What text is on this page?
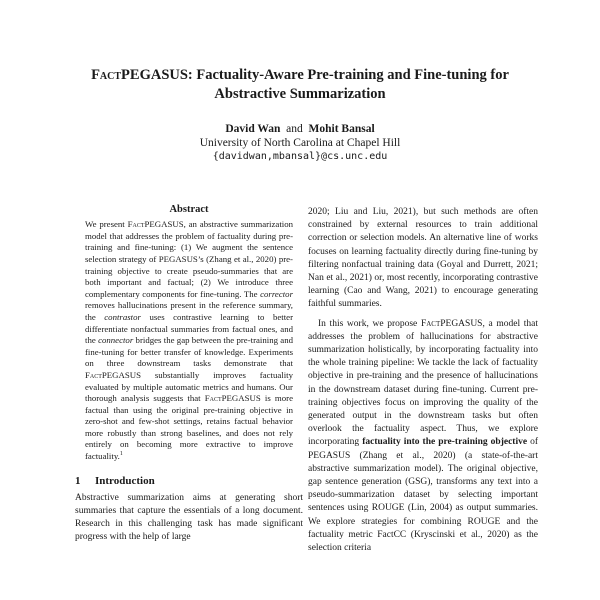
FactPEGASUS: Factuality-Aware Pre-training and Fine-tuning for
Abstractive Summarization
David Wan and Mohit Bansal
University of North Carolina at Chapel Hill
{davidwan,mbansal}@cs.unc.edu
Abstract

We present FactPEGASUS, an abstractive summarization model that addresses the problem of factuality during pre-training and fine-tuning: (1) We augment the sentence selection strategy of PEGASUS’s (Zhang et al., 2020) pre-training objective to create pseudo-summaries that are both important and factual; (2) We introduce three complementary components for fine-tuning. The corrector removes hallucinations present in the reference summary, the contrastor uses contrastive learning to better differentiate nonfactual summaries from factual ones, and the connector bridges the gap between the pre-training and fine-tuning for better transfer of knowledge. Experiments on three downstream tasks demonstrate that FactPEGASUS substantially improves factuality evaluated by multiple automatic metrics and humans. Our thorough analysis suggests that FactPEGASUS is more factual than using the original pre-training objective in zero-shot and few-shot settings, retains factual behavior more robustly than strong baselines, and does not rely entirely on becoming more extractive to improve factuality.$^1$

1 Introduction

Abstractive summarization aims at generating short summaries that capture the essentials of a long document. Research in this challenging task has made significant progress with the help of large

2020; Liu and Liu, 2021), but such methods are often constrained by external resources to train additional correction or selection models. An alternative line of works focuses on learning factuality directly during fine-tuning by filtering nonfactual training data (Goyal and Durrett, 2021; Nan et al., 2021) or, most recently, incorporating contrastive learning (Cao and Wang, 2021) to encourage generating faithful summaries.

In this work, we propose FactPEGASUS, a model that addresses the problem of hallucinations for abstractive summarization holistically, by incorporating factuality into the whole training pipeline: We tackle the lack of factuality objective in pre-training and the presence of hallucinations in the downstream dataset during fine-tuning. Current pre-training objectives focus on improving the quality of the generated output in the downstream tasks but often overlook the factuality aspect. Thus, we explore incorporating factuality into the pre-training objective of PEGASUS (Zhang et al., 2020) (a state-of-the-art abstractive summarization model). The original objective, gap sentence generation (GSG), transforms any text into a pseudo-summarization dataset by selecting important sentences using ROUGE (Lin, 2004) as output summaries. We explore strategies for combining ROUGE and the factuality metric FactCC (Kryscinski et al., 2020) as the selection criteria
